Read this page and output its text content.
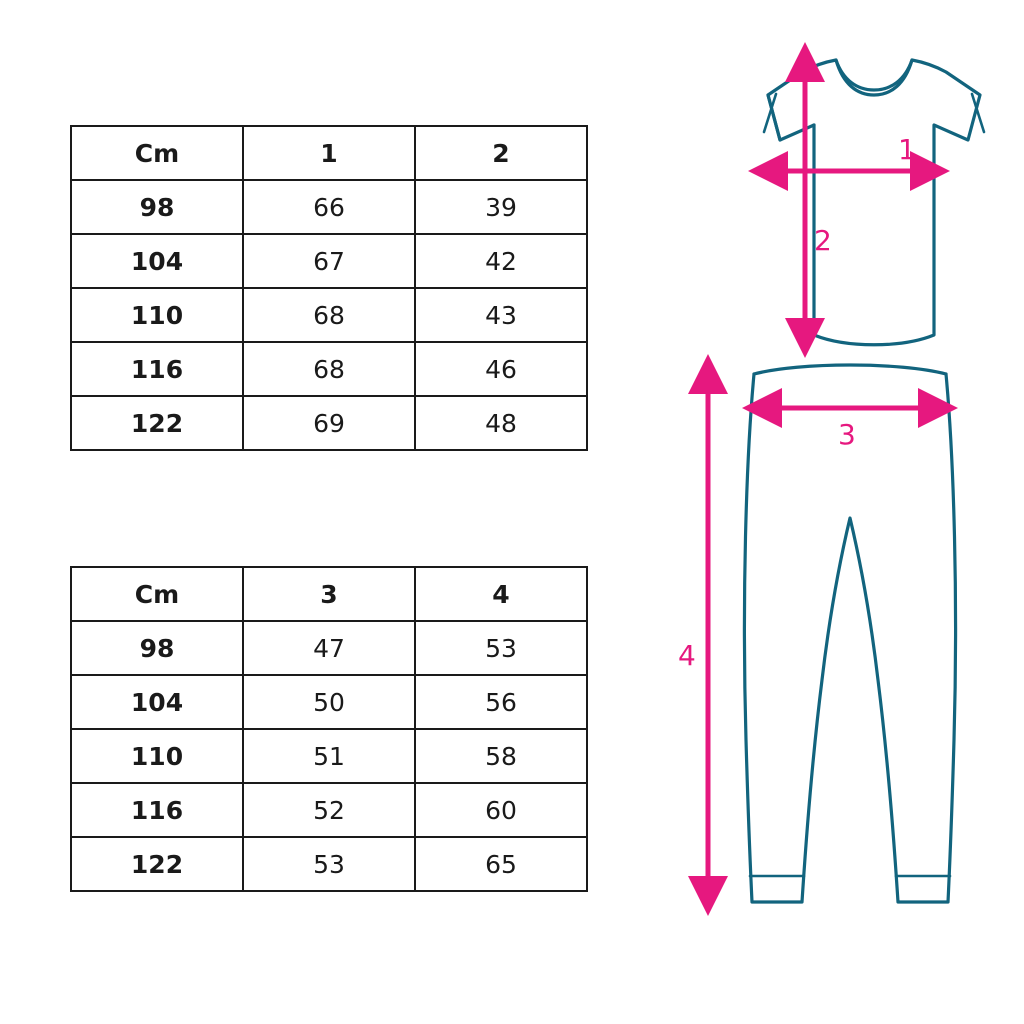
Cm	1	2
98	66	39
104	67	42
110	68	43
116	68	46
122	69	48
Cm	3	4
98	47	53
104	50	56
110	51	58
116	52	60
122	53	65
1
2
3
4
